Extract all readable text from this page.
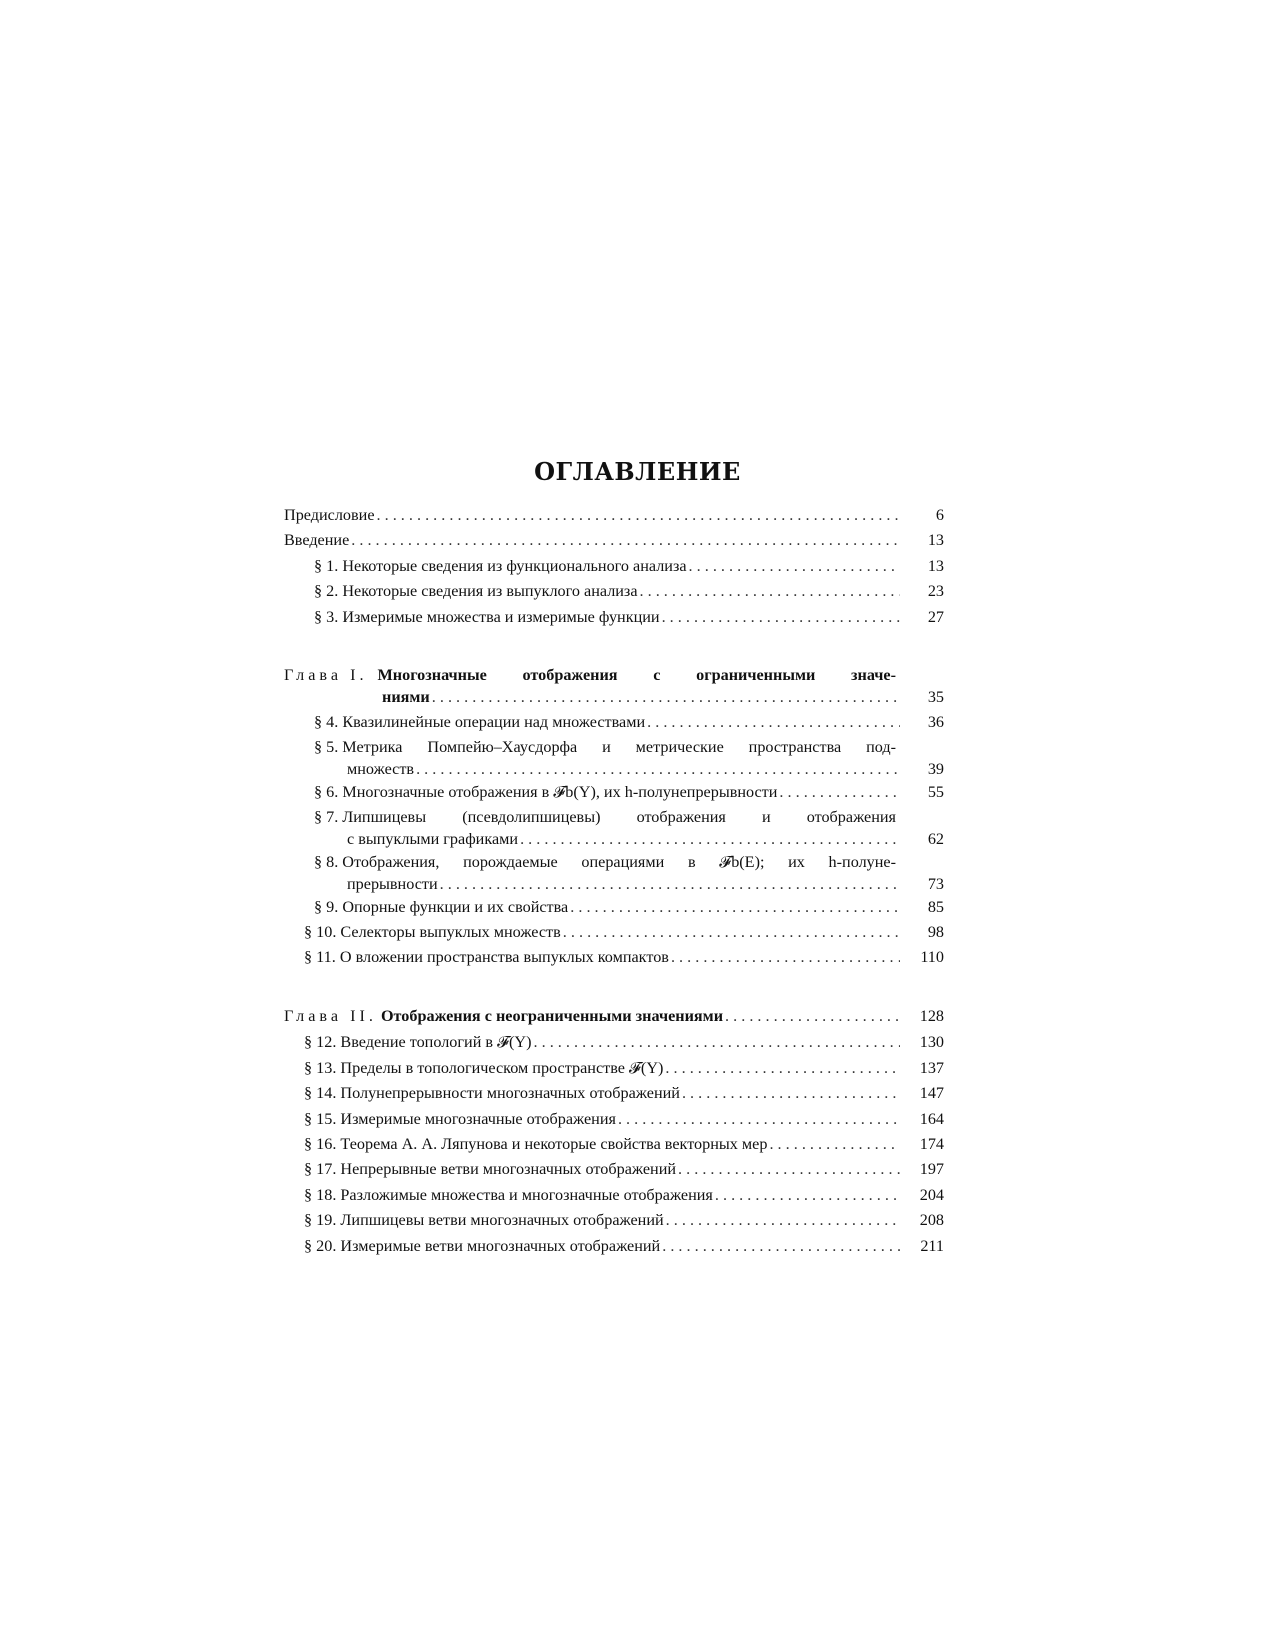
ОГЛАВЛЕНИЕ
Предисловие . . .	6
Введение . . .	13
§ 1. Некоторые сведения из функционального анализа . . .	13
§ 2. Некоторые сведения из выпуклого анализа . . .	23
§ 3. Измеримые множества и измеримые функции . . .	27
Глава I. Многозначные отображения с ограниченными значе-
ниями . . .	35
§ 4. Квазилинейные операции над множествами . . .	36
§ 5. Метрика Помпейю–Хаусдорфа и метрические пространства под-
множеств . . .	39
§ 6. Многозначные отображения в 𝓕b(Y), их h-полунепрерывности . . .	55
§ 7. Липшицевы (псевдолипшицевы) отображения и отображения
с выпуклыми графиками . . .	62
§ 8. Отображения, порождаемые операциями в 𝓕b(E); их h-полуне-
прерывности . . .	73
§ 9. Опорные функции и их свойства . . .	85
§ 10. Селекторы выпуклых множеств . . .	98
§ 11. О вложении пространства выпуклых компактов . . .	110
Глава II. Отображения с неограниченными значениями . . .	128
§ 12. Введение топологий в 𝓕(Y) . . .	130
§ 13. Пределы в топологическом пространстве 𝓕(Y) . . .	137
§ 14. Полунепрерывности многозначных отображений . . .	147
§ 15. Измеримые многозначные отображения . . .	164
§ 16. Теорема А. А. Ляпунова и некоторые свойства векторных мер . . .	174
§ 17. Непрерывные ветви многозначных отображений . . .	197
§ 18. Разложимые множества и многозначные отображения . . .	204
§ 19. Липшицевы ветви многозначных отображений . . .	208
§ 20. Измеримые ветви многозначных отображений . . .	211
